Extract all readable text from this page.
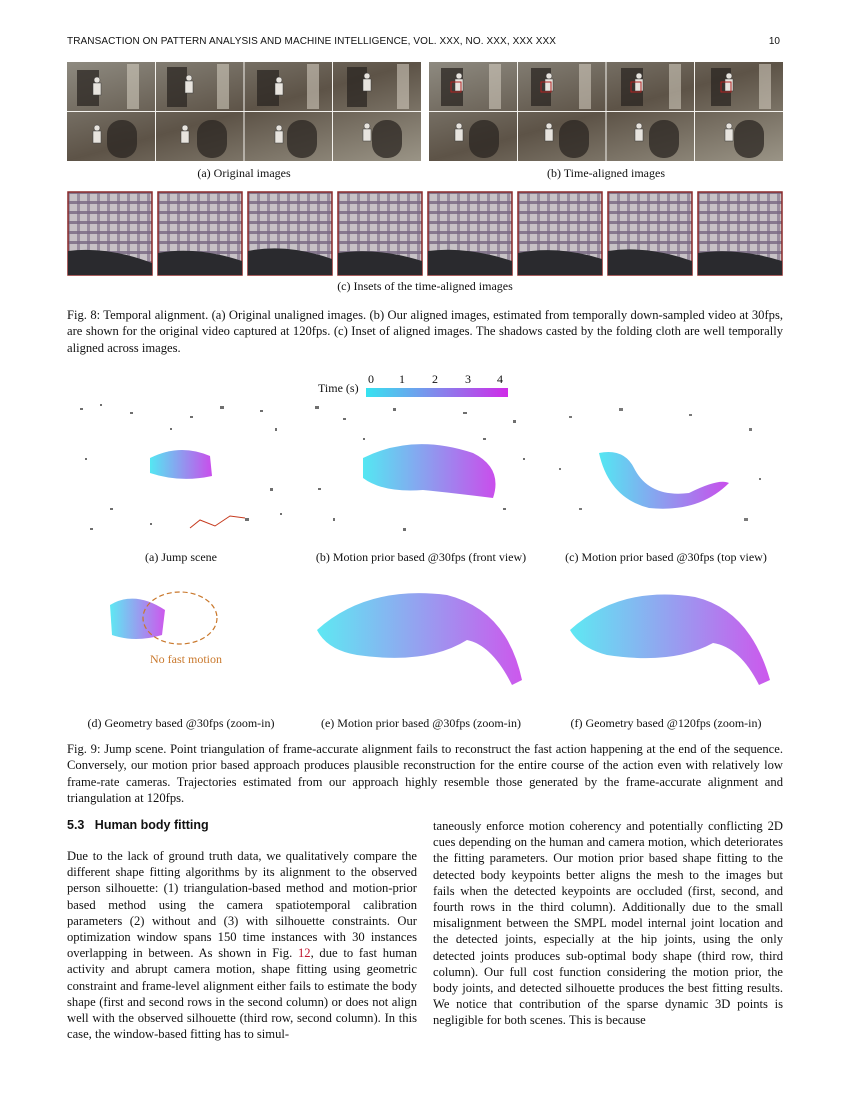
TRANSACTION ON PATTERN ANALYSIS AND MACHINE INTELLIGENCE, VOL. XXX, NO. XXX, XXX XXX	10
(a) Original images	(b) Time-aligned images
(c) Insets of the time-aligned images
Fig. 8: Temporal alignment. (a) Original unaligned images. (b) Our aligned images, estimated from temporally down-sampled video at 30fps, are shown for the original video captured at 120fps. (c) Inset of aligned images. The shadows casted by the folding cloth are well temporally aligned across images.
Time (s)
0 1 2 3 4
(a) Jump scene	(b) Motion prior based @30fps (front view)	(c) Motion prior based @30fps (top view)
No fast motion
(d) Geometry based @30fps (zoom-in)	(e) Motion prior based @30fps (zoom-in)	(f) Geometry based @120fps (zoom-in)
Fig. 9: Jump scene. Point triangulation of frame-accurate alignment fails to reconstruct the fast action happening at the end of the sequence. Conversely, our motion prior based approach produces plausible reconstruction for the entire course of the action even with relatively low frame-rate cameras. Trajectories estimated from our approach highly resemble those generated by the frame-accurate alignment and triangulation at 120fps.
5.3   Human body fitting
Due to the lack of ground truth data, we qualitatively compare the different shape fitting algorithms by its alignment to the observed person silhouette: (1) triangulation-based method and motion-prior based method using the camera spatiotemporal calibration parameters (2) without and (3) with silhouette constraints. Our optimization window spans 150 time instances with 30 instances overlapping in between. As shown in Fig. 12, due to fast human activity and abrupt camera motion, shape fitting using geometric constraint and frame-level alignment either fails to estimate the body shape (first and second rows in the second column) or does not align well with the observed silhouette (third row, second column). In this case, the window-based fitting has to simul-
taneously enforce motion coherency and potentially conflicting 2D cues depending on the human and camera motion, which deteriorates the fitting parameters. Our motion prior based shape fitting to the detected body keypoints better aligns the mesh to the images but fails when the detected keypoints are occluded (first, second, and fourth rows in the third column). Additionally due to the small misalignment between the SMPL model internal joint location and the detected joints, especially at the hip joints, using the only detected joints produces sub-optimal body shape (third row, third column). Our full cost function considering the motion prior, the body joints, and detected silhouette produces the best fitting results. We notice that contribution of the sparse dynamic 3D points is negligible for both scenes. This is because
